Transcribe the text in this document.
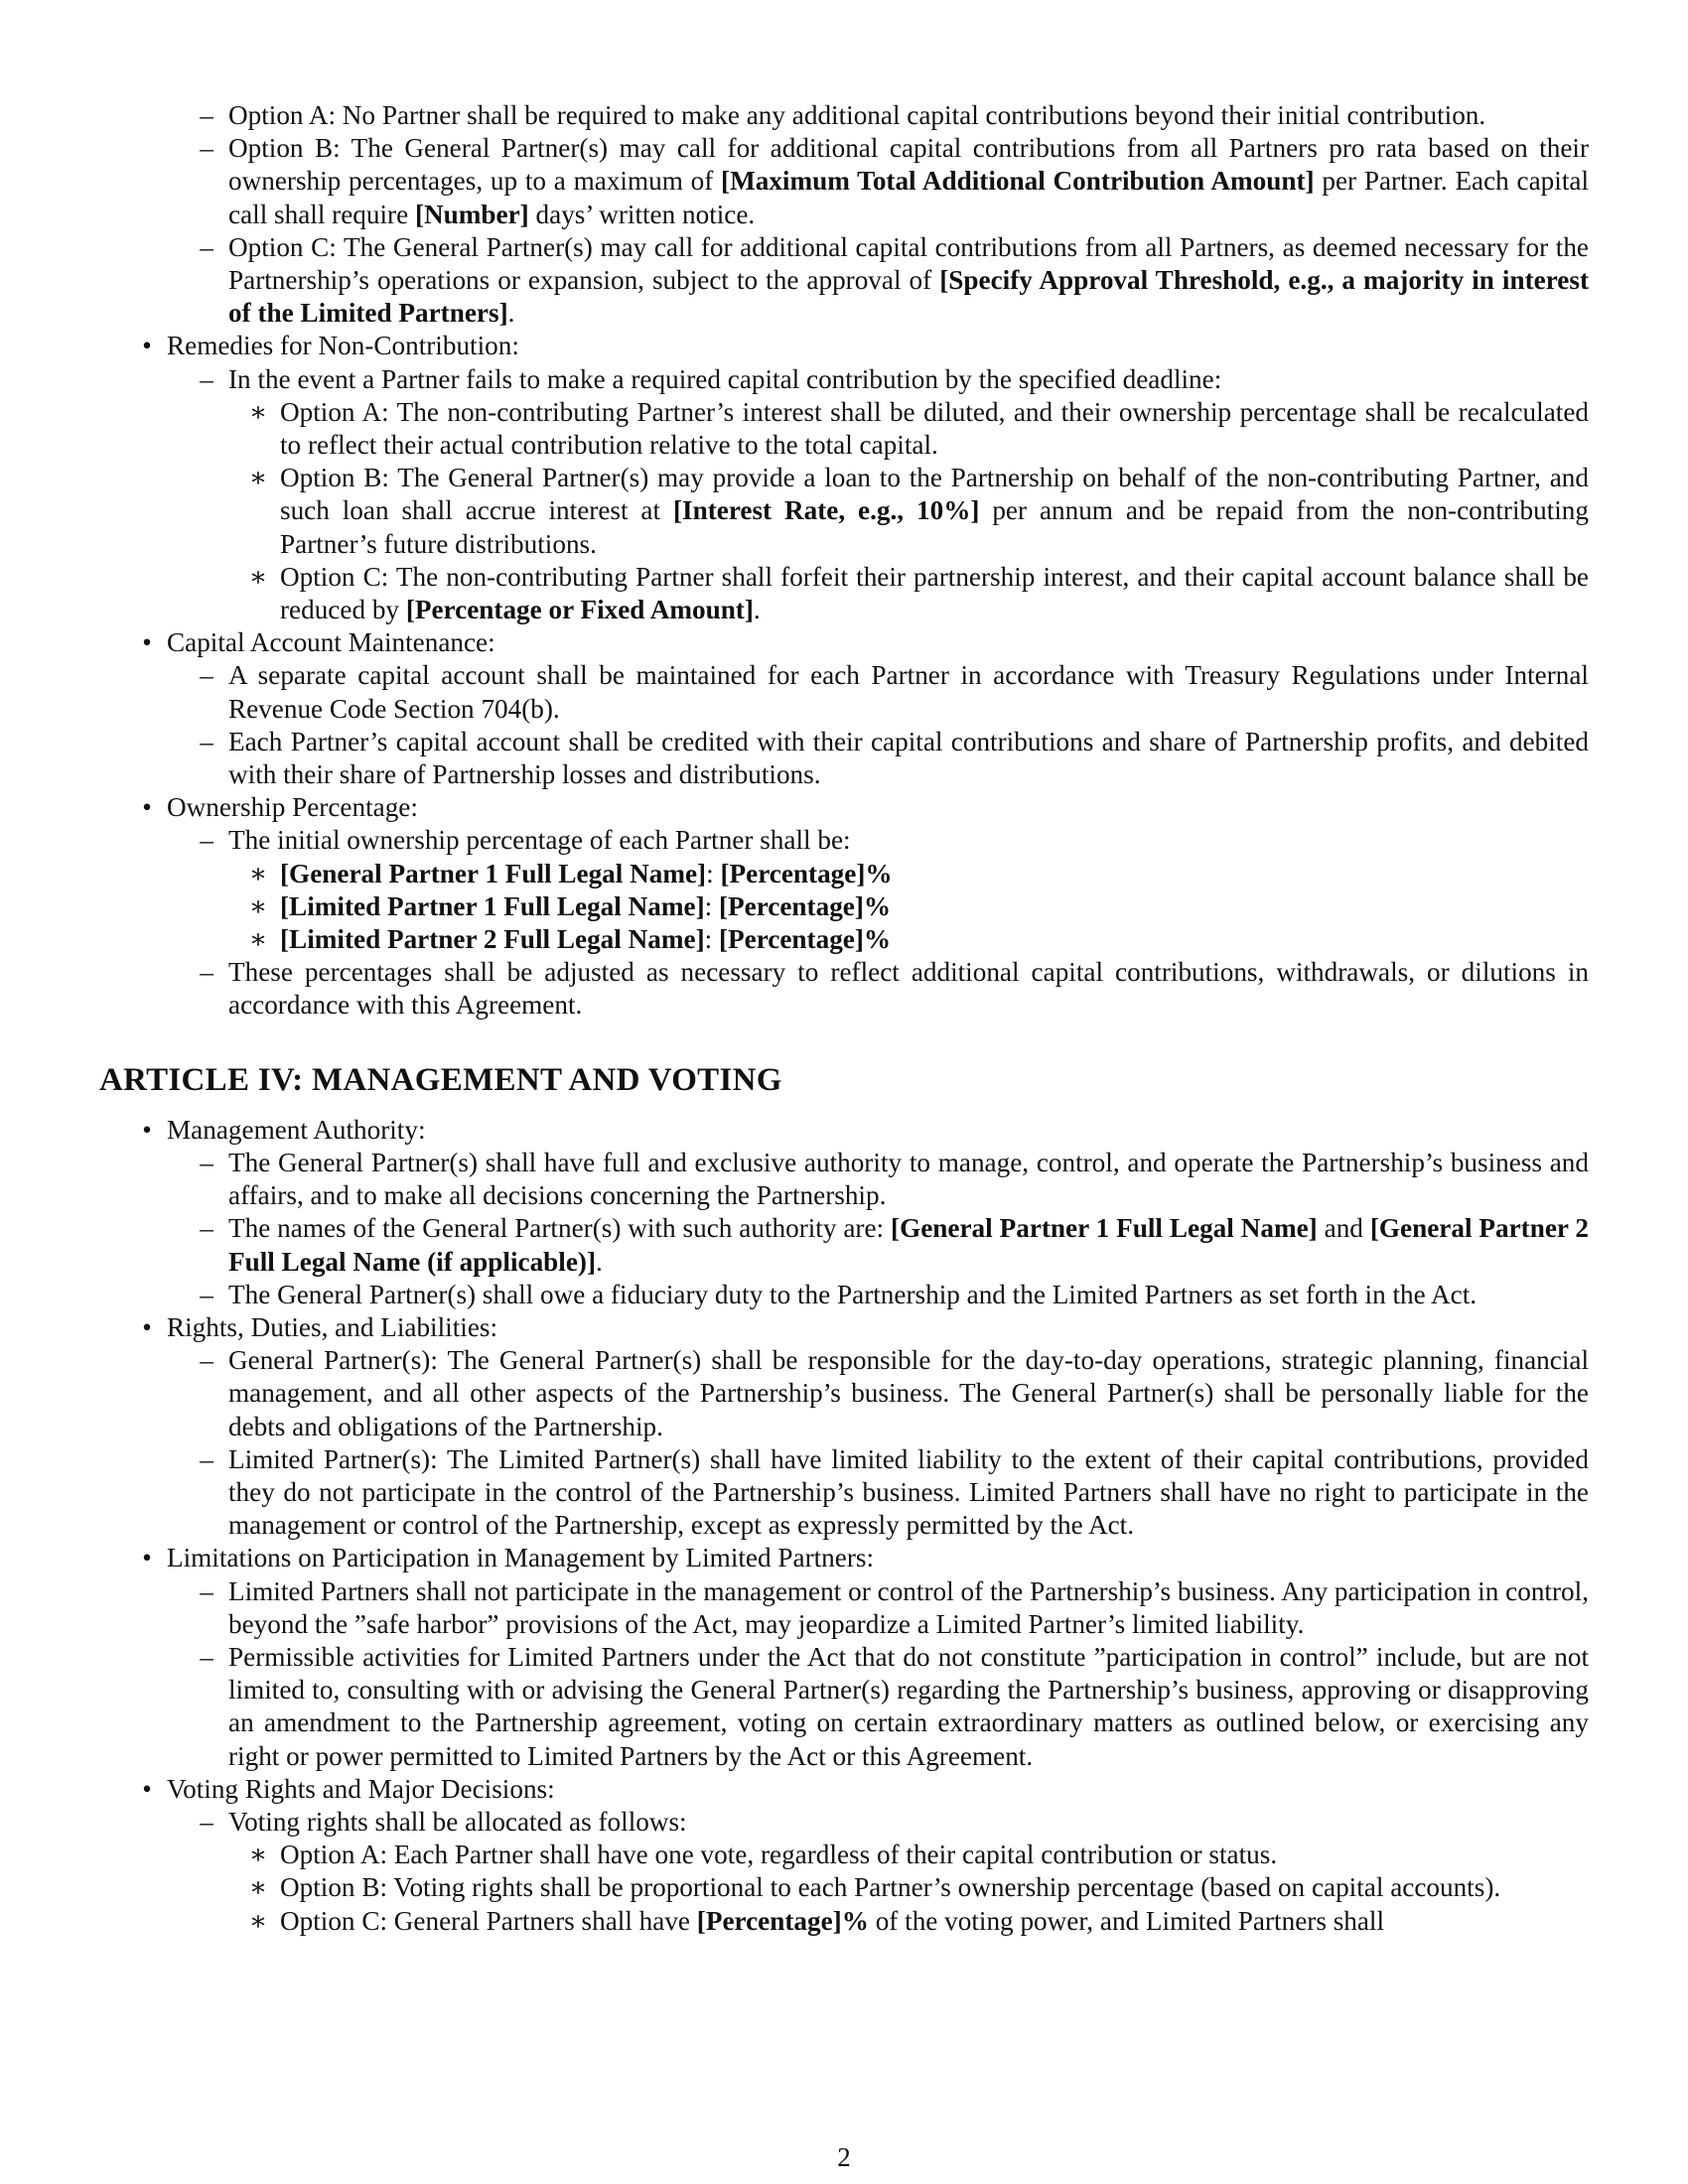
– Option A: No Partner shall be required to make any additional capital contributions beyond their initial contribution.

– Option B: The General Partner(s) may call for additional capital contributions from all Partners pro rata based on their ownership percentages, up to a maximum of [Maximum Total Additional Contribution Amount] per Partner. Each capital call shall require [Number] days’ written notice.

– Option C: The General Partner(s) may call for additional capital contributions from all Partners, as deemed necessary for the Partnership’s operations or expansion, subject to the approval of [Specify Approval Threshold, e.g., a majority in interest of the Limited Partners].

• Remedies for Non-Contribution:

– In the event a Partner fails to make a required capital contribution by the specified deadline:

∗ Option A: The non-contributing Partner’s interest shall be diluted, and their ownership percentage shall be recalculated to reflect their actual contribution relative to the total capital.

∗ Option B: The General Partner(s) may provide a loan to the Partnership on behalf of the non-contributing Partner, and such loan shall accrue interest at [Interest Rate, e.g., 10%] per annum and be repaid from the non-contributing Partner’s future distributions.

∗ Option C: The non-contributing Partner shall forfeit their partnership interest, and their capital account balance shall be reduced by [Percentage or Fixed Amount].

• Capital Account Maintenance:

– A separate capital account shall be maintained for each Partner in accordance with Treasury Regulations under Internal Revenue Code Section 704(b).

– Each Partner’s capital account shall be credited with their capital contributions and share of Partnership profits, and debited with their share of Partnership losses and distributions.

• Ownership Percentage:

– The initial ownership percentage of each Partner shall be:

∗ [General Partner 1 Full Legal Name]: [Percentage]%

∗ [Limited Partner 1 Full Legal Name]: [Percentage]%

∗ [Limited Partner 2 Full Legal Name]: [Percentage]%

– These percentages shall be adjusted as necessary to reflect additional capital contributions, withdrawals, or dilutions in accordance with this Agreement.

ARTICLE IV: MANAGEMENT AND VOTING

• Management Authority:

– The General Partner(s) shall have full and exclusive authority to manage, control, and operate the Partnership’s business and affairs, and to make all decisions concerning the Partnership.

– The names of the General Partner(s) with such authority are: [General Partner 1 Full Legal Name] and [General Partner 2 Full Legal Name (if applicable)].

– The General Partner(s) shall owe a fiduciary duty to the Partnership and the Limited Partners as set forth in the Act.

• Rights, Duties, and Liabilities:

– General Partner(s): The General Partner(s) shall be responsible for the day-to-day operations, strategic planning, financial management, and all other aspects of the Partnership’s business. The General Partner(s) shall be personally liable for the debts and obligations of the Partnership.

– Limited Partner(s): The Limited Partner(s) shall have limited liability to the extent of their capital contributions, provided they do not participate in the control of the Partnership’s business. Limited Partners shall have no right to participate in the management or control of the Partnership, except as expressly permitted by the Act.

• Limitations on Participation in Management by Limited Partners:

– Limited Partners shall not participate in the management or control of the Partnership’s business. Any participation in control, beyond the ”safe harbor” provisions of the Act, may jeopardize a Limited Partner’s limited liability.

– Permissible activities for Limited Partners under the Act that do not constitute ”participation in control” include, but are not limited to, consulting with or advising the General Partner(s) regarding the Partnership’s business, approving or disapproving an amendment to the Partnership agreement, voting on certain extraordinary matters as outlined below, or exercising any right or power permitted to Limited Partners by the Act or this Agreement.

• Voting Rights and Major Decisions:

– Voting rights shall be allocated as follows:

∗ Option A: Each Partner shall have one vote, regardless of their capital contribution or status.

∗ Option B: Voting rights shall be proportional to each Partner’s ownership percentage (based on capital accounts).

∗ Option C: General Partners shall have [Percentage]% of the voting power, and Limited Partners shall

2
